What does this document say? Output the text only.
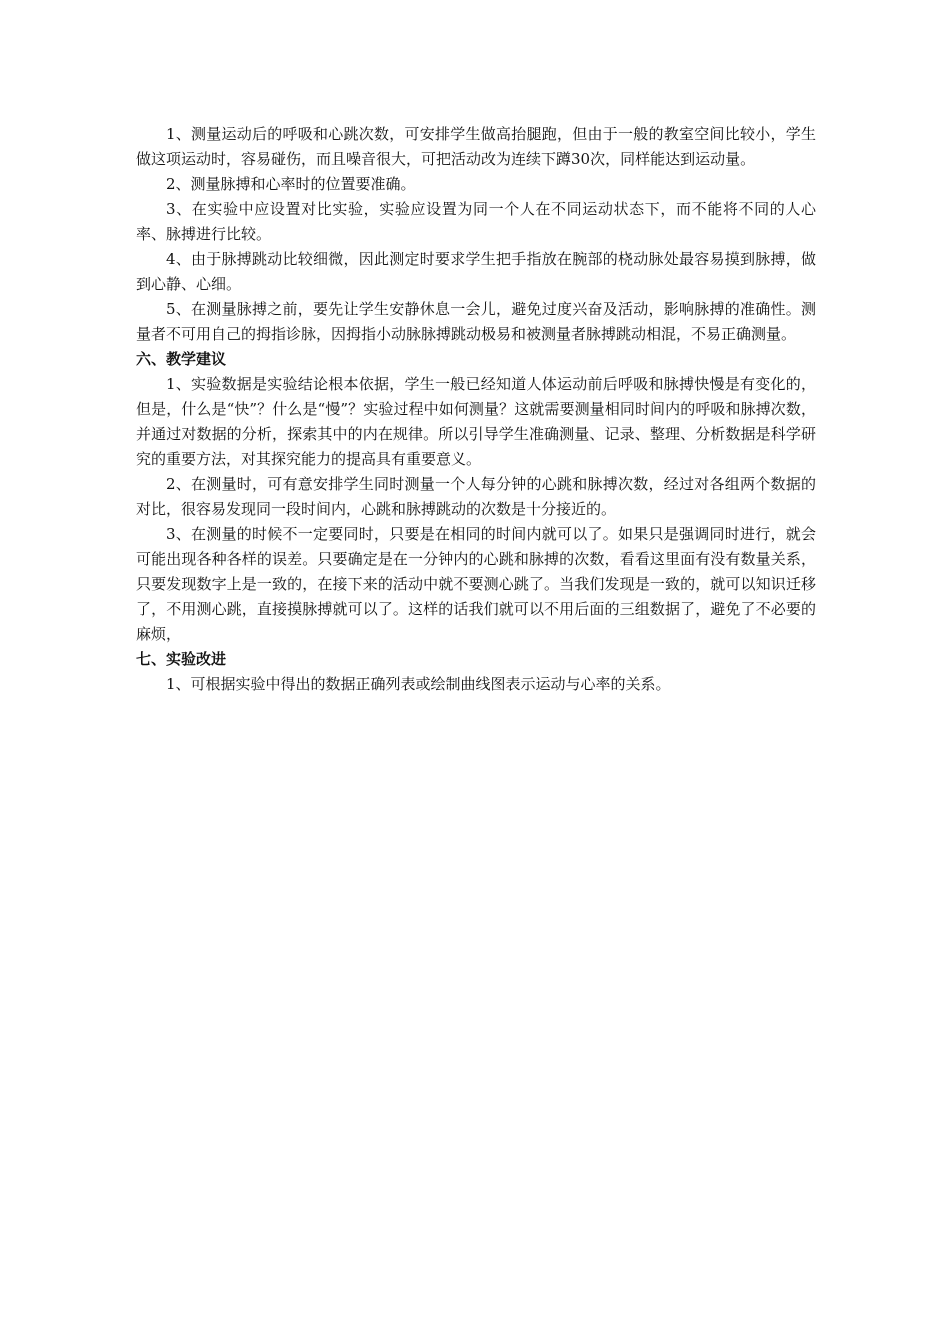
1、测量运动后的呼吸和心跳次数，可安排学生做高抬腿跑，但由于一般的教室空间比较小，学生做这项运动时，容易碰伤，而且噪音很大，可把活动改为连续下蹲30次，同样能达到运动量。

2、测量脉搏和心率时的位置要准确。

3、在实验中应设置对比实验，实验应设置为同一个人在不同运动状态下，而不能将不同的人心率、脉搏进行比较。

4、由于脉搏跳动比较细微，因此测定时要求学生把手指放在腕部的桡动脉处最容易摸到脉搏，做到心静、心细。

5、在测量脉搏之前，要先让学生安静休息一会儿，避免过度兴奋及活动，影响脉搏的准确性。测量者不可用自己的拇指诊脉，因拇指小动脉脉搏跳动极易和被测量者脉搏跳动相混，不易正确测量。

六、教学建议

1、实验数据是实验结论根本依据，学生一般已经知道人体运动前后呼吸和脉搏快慢是有变化的，但是，什么是“快”？什么是“慢”？实验过程中如何测量？这就需要测量相同时间内的呼吸和脉搏次数，并通过对数据的分析，探索其中的内在规律。所以引导学生准确测量、记录、整理、分析数据是科学研究的重要方法，对其探究能力的提高具有重要意义。

2、在测量时，可有意安排学生同时测量一个人每分钟的心跳和脉搏次数，经过对各组两个数据的对比，很容易发现同一段时间内，心跳和脉搏跳动的次数是十分接近的。

3、在测量的时候不一定要同时，只要是在相同的时间内就可以了。如果只是强调同时进行，就会可能出现各种各样的误差。只要确定是在一分钟内的心跳和脉搏的次数，看看这里面有没有数量关系，只要发现数字上是一致的，在接下来的活动中就不要测心跳了。当我们发现是一致的，就可以知识迁移了，不用测心跳，直接摸脉搏就可以了。这样的话我们就可以不用后面的三组数据了，避免了不必要的麻烦，

七、实验改进

1、可根据实验中得出的数据正确列表或绘制曲线图表示运动与心率的关系。
